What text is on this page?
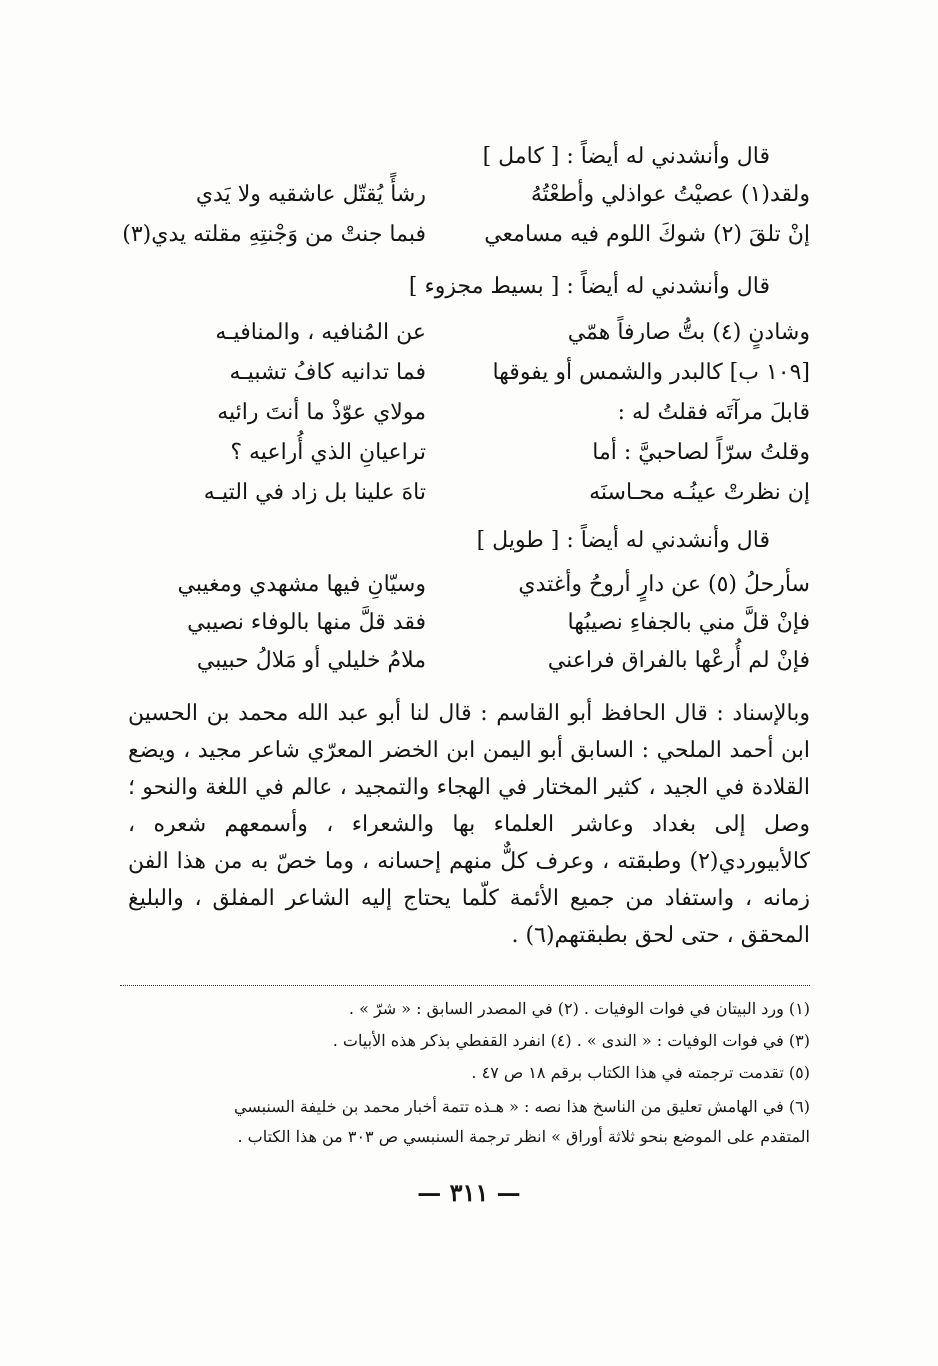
قال وأنشدني له أيضاً : [ كامل ]
ولقد(١) عصيْتُ عواذلي وأطعْتُهُ
رشأً يُقتّل عاشقيه ولا يَدي
إنْ تلقَ (٢) شوكَ اللوم فيه مسامعي
فبما جنتْ من وَجْنتِهِ مقلته يدي(٣)
قال وأنشدني له أيضاً : [ بسيط مجزوء ]
وشادنٍ (٤) بتُّ صارفاً همّي
عن المُنافيه ، والمنافيـه
[١٠٩ ب] كالبدر والشمس أو يفوقها
فما تدانيه كافُ تشبيـه
قابلَ مرآتَه فقلتُ له :
مولاي عوّذْ ما أنتَ رائيه
وقلتُ سرّاً لصاحبيَّ : أما
تراعيانِ الذي أُراعيه ؟
إن نظرتْ عينُـه محـاسنَه
تاهَ علينا بل زاد في التيـه
قال وأنشدني له أيضاً : [ طويل ]
سأرحلُ (٥) عن دارٍ أروحُ وأغتدي
وسيّانِ فيها مشهدي ومغيبي
فإنْ قلَّ مني بالجفاءِ نصيبُها
فقد قلَّ منها بالوفاء نصيبي
فإنْ لم أُرعْها بالفراق فراعني
ملامُ خليلي أو مَلالُ حبيبي

وبالإسناد : قال الحافظ أبو القاسم : قال لنا أبو عبد الله محمد بن الحسين ابن أحمد الملحي : السابق أبو اليمن ابن الخضر المعرّي شاعر مجيد ، ويضع القلادة في الجيد ، كثير المختار في الهجاء والتمجيد ، عالم في اللغة والنحو ؛ وصل إلى بغداد وعاشر العلماء بها والشعراء ، وأسمعهم شعره ، كالأبيوردي(٢) وطبقته ، وعرف كلٌّ منهم إحسانه ، وما خصّ به من هذا الفن زمانه ، واستفاد من جميع الأئمة كلّما يحتاج إليه الشاعر المفلق ، والبليغ المحقق ، حتى لحق بطبقتهم(٦) .

(١) ورد البيتان في فوات الوفيات . (٢) في المصدر السابق : « شرّ » .
(٣) في فوات الوفيات : « الندى » . (٤) انفرد القفطي بذكر هذه الأبيات .
(٥) تقدمت ترجمته في هذا الكتاب برقم ١٨ ص ٤٧ .
(٦) في الهامش تعليق من الناسخ هذا نصه : « هـذه تتمة أخبار محمد بن خليفة السنبسي
المتقدم على الموضع بنحو ثلاثة أوراق » انظر ترجمة السنبسي ص ٣٠٣ من هذا الكتاب .
— ٣١١ —
